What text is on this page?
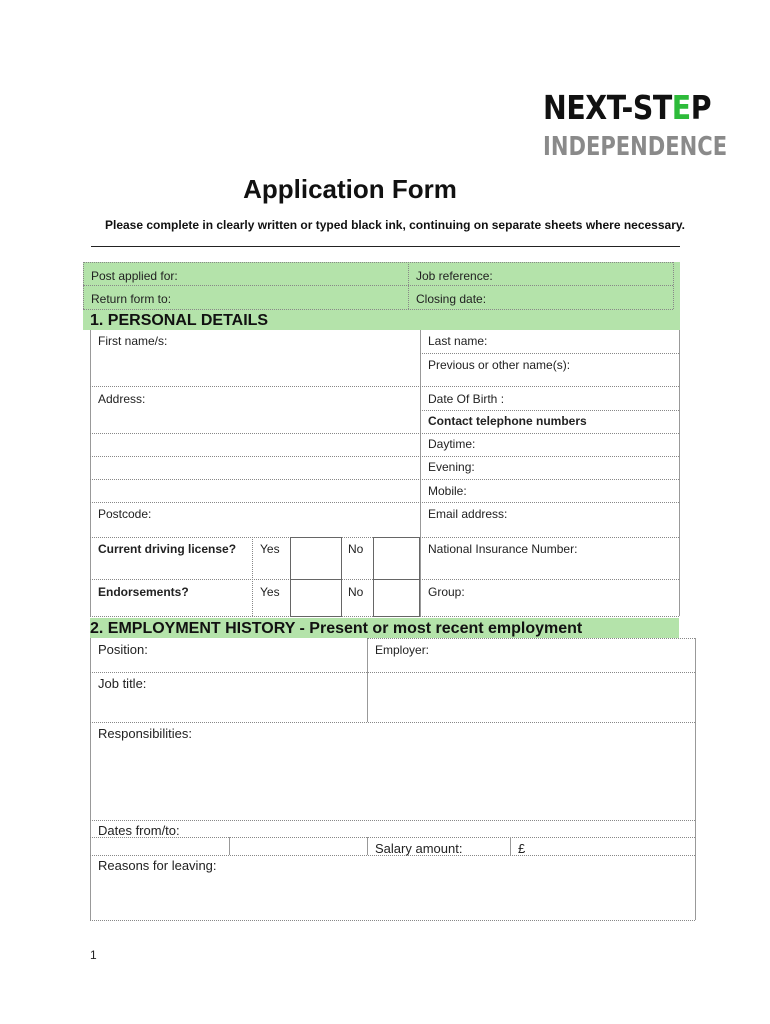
NEXT-STEP
INDEPENDENCE
Application Form
Please complete in clearly written or typed black ink, continuing on separate sheets where necessary.
Post applied for:	Job reference:
Return form to:	Closing date:
1. PERSONAL DETAILS
First name/s:	Last name:
Previous or other name(s):
Address:	Date Of Birth :
Contact telephone numbers
Daytime:
Evening:
Mobile:
Postcode:	Email address:
Current driving license?	Yes	No	National Insurance Number:
Endorsements?	Yes	No	Group:
2. EMPLOYMENT HISTORY - Present or most recent employment
Position:	Employer:
Job title:
Responsibilities:
Dates from/to:
Salary amount:	£
Reasons for leaving:
1
